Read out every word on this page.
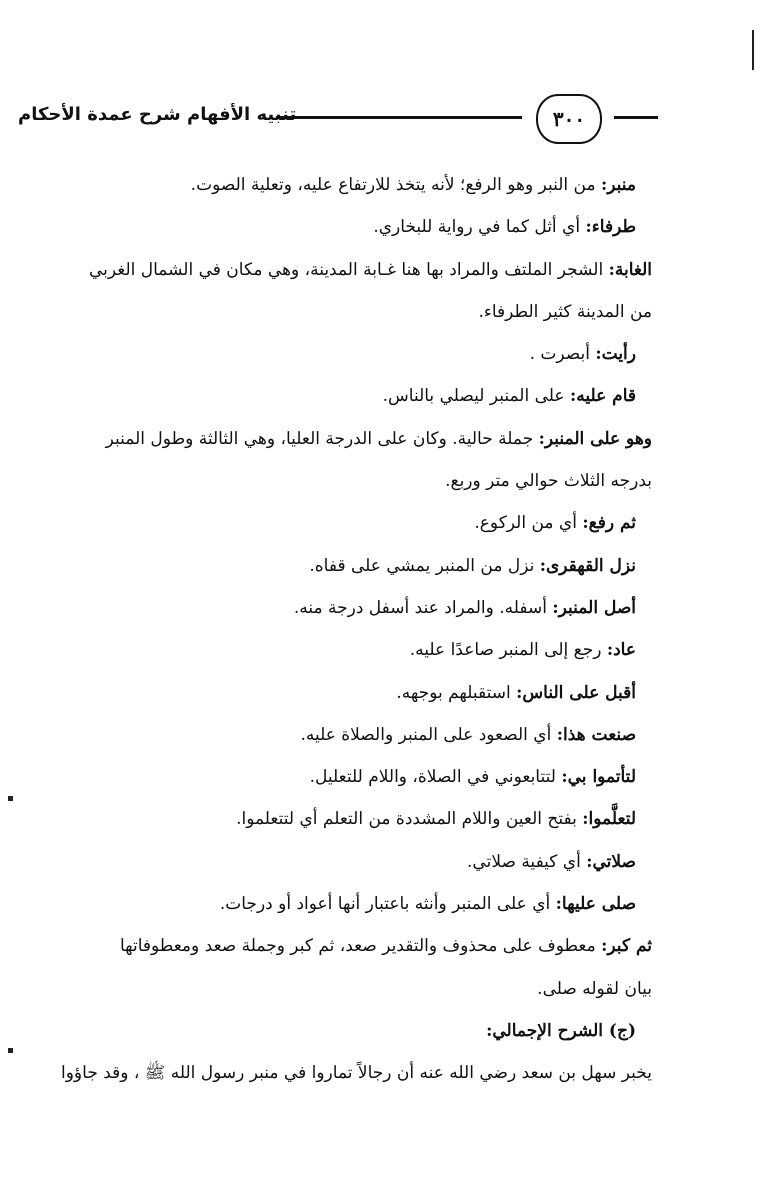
تنبيه الأفهام شرح عمدة الأحكام	٣٠٠
منبر: من النبر وهو الرفع؛ لأنه يتخذ للارتفاع عليه، وتعلية الصوت.
طرفاء: أي أثل كما في رواية للبخاري.
الغابة: الشجر الملتف والمراد بها هنا غـابة المدينة، وهي مكان في الشمال الغربي
من المدينة كثير الطرفاء.
رأيت: أبصرت .
قام عليه: على المنبر ليصلي بالناس.
وهو على المنبر: جملة حالية. وكان على الدرجة العليا، وهي الثالثة وطول المنبر
بدرجه الثلاث حوالي متر وربع.
ثم رفع: أي من الركوع.
نزل القهقرى: نزل من المنبر يمشي على قفاه.
أصل المنبر: أسفله. والمراد عند أسفل درجة منه.
عاد: رجع إلى المنبر صاعدًا عليه.
أقبل على الناس: استقبلهم بوجهه.
صنعت هذا: أي الصعود على المنبر والصلاة عليه.
لتأتموا بي: لتتابعوني في الصلاة، واللام للتعليل.
لتعلَّموا: بفتح العين واللام المشددة من التعلم أي لتتعلموا.
صلاتي: أي كيفية صلاتي.
صلى عليها: أي على المنبر وأنثه باعتبار أنها أعواد أو درجات.
ثم كبر: معطوف على محذوف والتقدير صعد، ثم كبر وجملة صعد ومعطوفاتها
بيان لقوله صلى.
(ج) الشرح الإجمالي:
يخبر سهل بن سعد رضي الله عنه أن رجالاً تماروا في منبر رسول الله ﷺ ، وقد جاؤوا
